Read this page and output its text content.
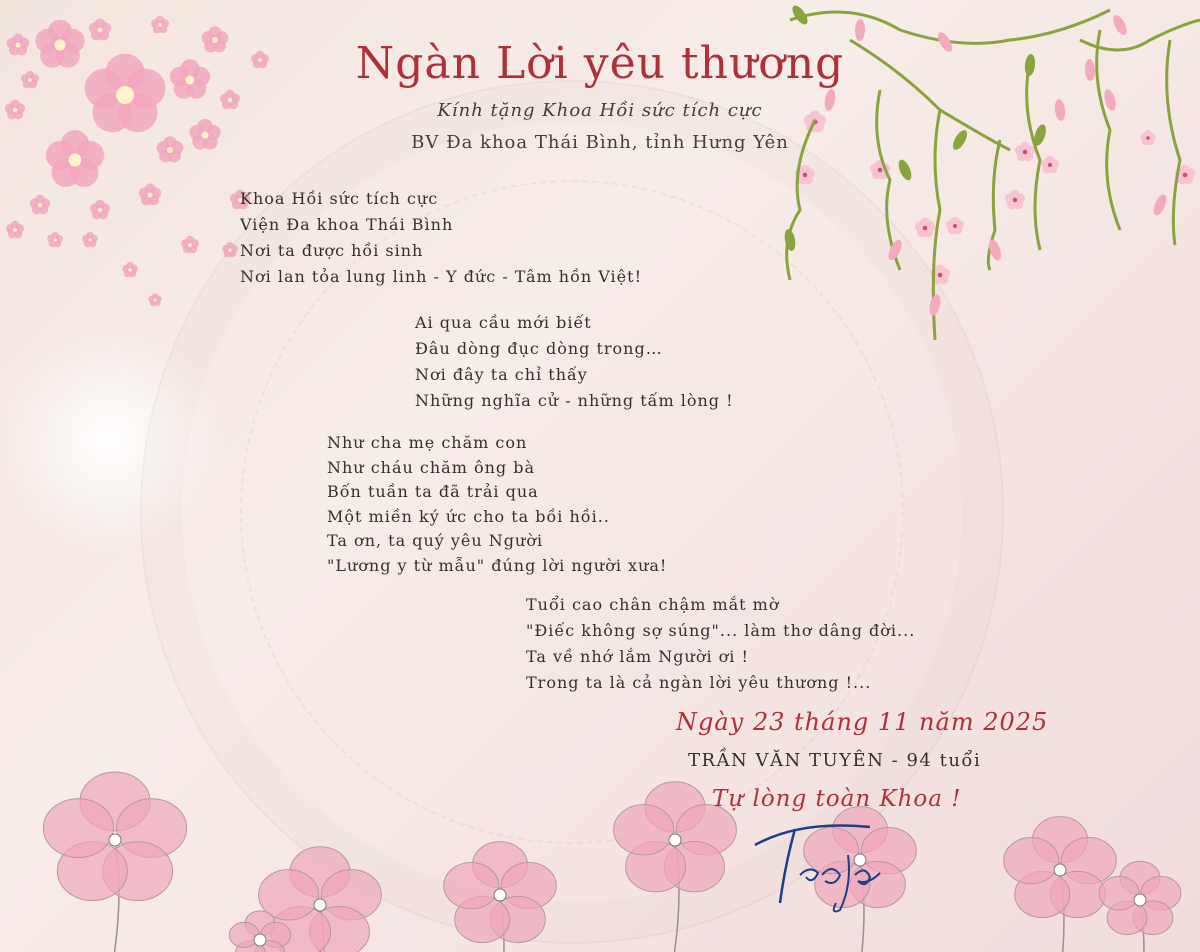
Ngàn Lời yêu thương
Kính tặng Khoa Hồi sức tích cực
BV Đa khoa Thái Bình, tỉnh Hưng Yên
Khoa Hồi sức tích cực
Viện Đa khoa Thái Bình
Nơi ta được hồi sinh
Nơi lan tỏa lung linh - Y đức - Tâm hồn Việt!
Ai qua cầu mới biết
Đâu dòng đục dòng trong…
Nơi đây ta chỉ thấy
Những nghĩa cử - những tấm lòng !
Như cha mẹ chăm con
Như cháu chăm ông bà
Bốn tuần ta đã trải qua
Một miền ký ức cho ta bồi hồi..
Ta ơn, ta quý yêu Người
"Lương y từ mẫu" đúng lời người xưa!
Tuổi cao chân chậm mắt mờ
"Điếc không sợ súng"... làm thơ dâng đời...
Ta về nhớ lắm Người ơi !
Trong ta là cả ngàn lời yêu thương !...
Ngày 23 tháng 11 năm 2025
TRẦN VĂN TUYÊN - 94 tuổi
Tự lòng toàn Khoa !
